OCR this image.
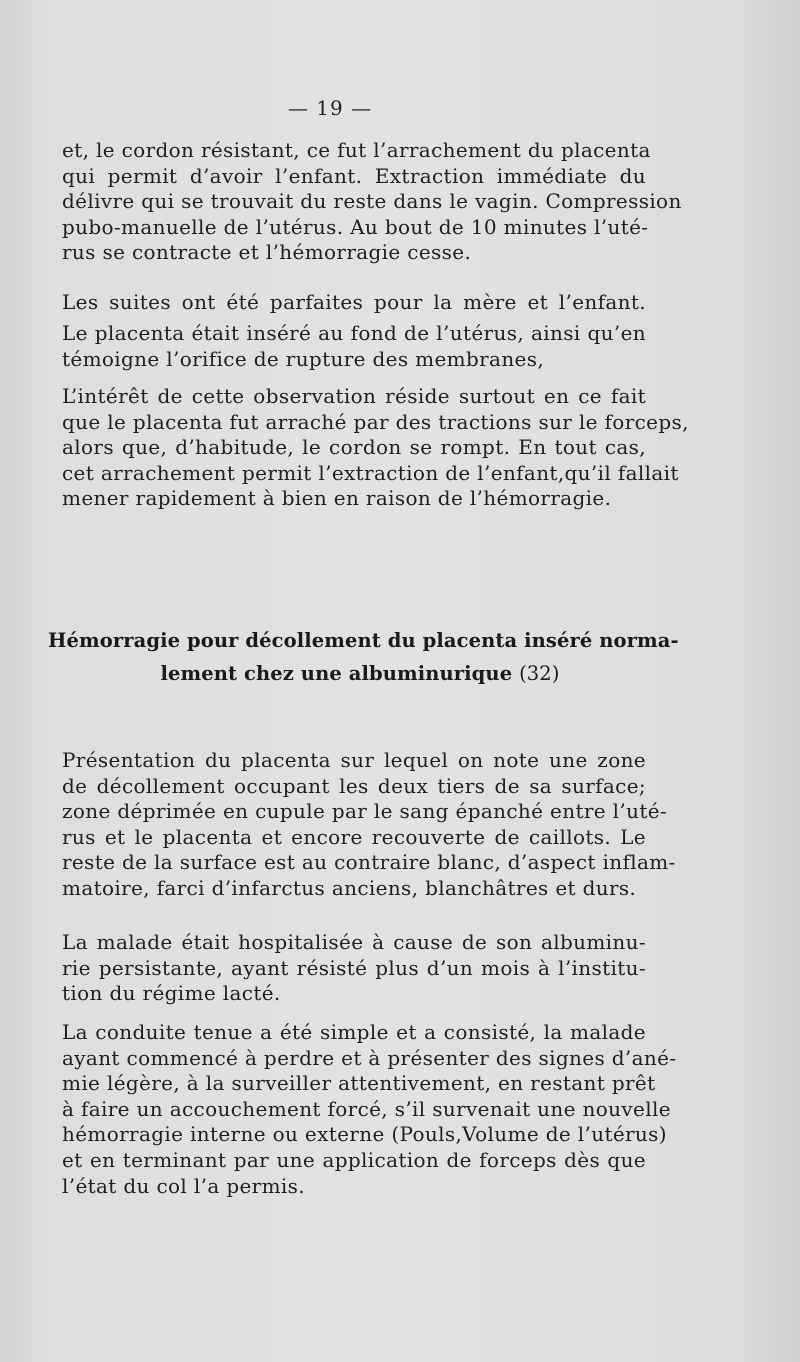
— 19 —
et, le cordon résistant, ce fut l’arrachement du placenta
qui permit d’avoir l’enfant. Extraction immédiate du
délivre qui se trouvait du reste dans le vagin. Compression
pubo-manuelle de l’utérus. Au bout de 10 minutes l’uté-
rus se contracte et l’hémorragie cesse.
Les suites ont été parfaites pour la mère et l’enfant.
Le placenta était inséré au fond de l’utérus, ainsi qu’en
témoigne l’orifice de rupture des membranes,
L’intérêt de cette observation réside surtout en ce fait
que le placenta fut arraché par des tractions sur le forceps,
alors que, d’habitude, le cordon se rompt. En tout cas,
cet arrachement permit l’extraction de l’enfant,qu’il fallait
mener rapidement à bien en raison de l’hémorragie.
Hémorragie pour décollement du placenta inséré norma-
lement chez une albuminurique (32)
Présentation du placenta sur lequel on note une zone
de décollement occupant les deux tiers de sa surface;
zone déprimée en cupule par le sang épanché entre l’uté-
rus et le placenta et encore recouverte de caillots. Le
reste de la surface est au contraire blanc, d’aspect inflam-
matoire, farci d’infarctus anciens, blanchâtres et durs.
La malade était hospitalisée à cause de son albuminu-
rie persistante, ayant résisté plus d’un mois à l’institu-
tion du régime lacté.
La conduite tenue a été simple et a consisté, la malade
ayant commencé à perdre et à présenter des signes d’ané-
mie légère, à la surveiller attentivement, en restant prêt
à faire un accouchement forcé, s’il survenait une nouvelle
hémorragie interne ou externe (Pouls,Volume de l’utérus)
et en terminant par une application de forceps dès que
l’état du col l’a permis.
